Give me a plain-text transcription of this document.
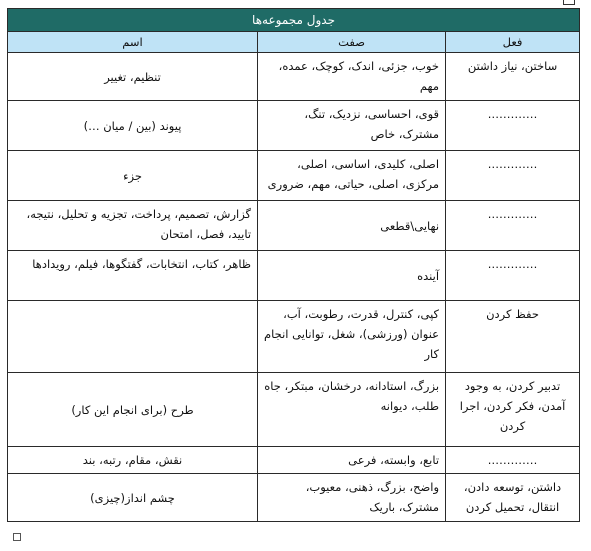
جدول مجموعه‌ها		
فعل	صفت	اسم
ساختن، نیاز داشتن	خوب، جزئی، اندک، کوچک، عمده، مهم	تنظیم، تغییر
………….	قوی، احساسی، نزدیک، تنگ، مشترک، خاص	پیوند (بین / میان …)
………….	اصلی، کلیدی، اساسی، اصلی، مرکزی، اصلی، حیاتی، مهم، ضروری	جزء
………….	نهایی\قطعی	گزارش، تصمیم، پرداخت، تجزیه و تحلیل، نتیجه، تایید، فصل، امتحان
………….	آینده	ظاهر، کتاب، انتخابات، گفتگوها، فیلم، رویدادها
حفظ کردن	کپی، کنترل، قدرت، رطوبت، آب، عنوان (ورزشی)، شغل، توانایی انجام کار	
تدبیر کردن، به وجود آمدن، فکر کردن، اجرا کردن	بزرگ، استادانه، درخشان، مبتکر، جاه طلب، دیوانه	طرح (برای انجام این کار)
………….	تابع، وابسته، فرعی	نقش، مقام، رتبه، بند
داشتن، توسعه دادن، انتقال، تحمیل کردن	واضح، بزرگ، ذهنی، معیوب، مشترک، باریک	چشم انداز(چیزی)
